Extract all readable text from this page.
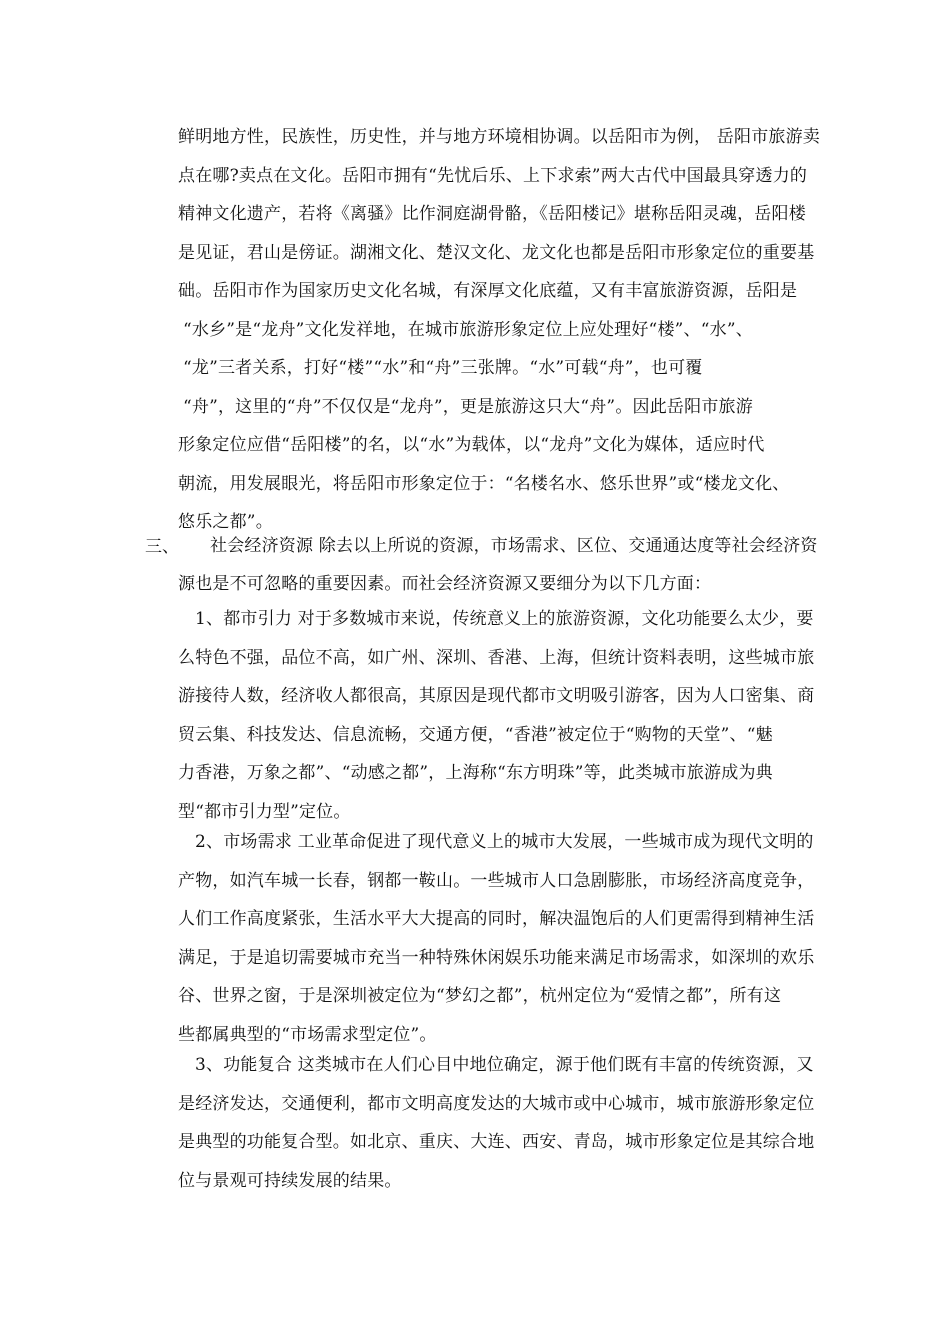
三、
鲜明地方性，民族性，历史性，并与地方环境相协调。以岳阳市为例， 岳阳市旅游卖
点在哪?卖点在文化。岳阳市拥有“先忧后乐、上下求索”两大古代中国最具穿透力的
精神文化遗产，若将《离骚》比作洞庭湖骨骼，《岳阳楼记》堪称岳阳灵魂，岳阳楼
是见证，君山是傍证。湖湘文化、楚汉文化、龙文化也都是岳阳市形象定位的重要基
础。岳阳市作为国家历史文化名城，有深厚文化底蕴，又有丰富旅游资源，岳阳是
“水乡”是“龙舟”文化发祥地，在城市旅游形象定位上应处理好“楼”、“水”、
“龙”三者关系，打好“楼”“水”和“舟”三张牌。“水”可载“舟”，也可覆
“舟”，这里的“舟”不仅仅是“龙舟”，更是旅游这只大“舟”。因此岳阳市旅游
形象定位应借“岳阳楼”的名，以“水”为载体，以“龙舟”文化为媒体，适应时代
朝流，用发展眼光，将岳阳市形象定位于：“名楼名水、悠乐世界”或“楼龙文化、
悠乐之都”。
社会经济资源 除去以上所说的资源，市场需求、区位、交通通达度等社会经济资
源也是不可忽略的重要因素。而社会经济资源又要细分为以下几方面：
1、都市引力 对于多数城市来说，传统意义上的旅游资源，文化功能要么太少，要
么特色不强，品位不高，如广州、深圳、香港、上海，但统计资料表明，这些城市旅
游接待人数，经济收人都很高，其原因是现代都市文明吸引游客，因为人口密集、商
贸云集、科技发达、信息流畅，交通方便，“香港”被定位于“购物的天堂”、“魅
力香港，万象之都”、“动感之都”，上海称“东方明珠”等，此类城市旅游成为典
型“都市引力型”定位。
2、市场需求 工业革命促进了现代意义上的城市大发展，一些城市成为现代文明的
产物，如汽车城一长春，钢都一鞍山。一些城市人口急剧膨胀，市场经济高度竞争，
人们工作高度紧张，生活水平大大提高的同时，解决温饱后的人们更需得到精神生活
满足，于是追切需要城市充当一种特殊休闲娱乐功能来满足市场需求，如深圳的欢乐
谷、世界之窗，于是深圳被定位为“梦幻之都”，杭州定位为“爱情之都”，所有这
些都属典型的“市场需求型定位”。
3、功能复合 这类城市在人们心目中地位确定，源于他们既有丰富的传统资源，又
是经济发达，交通便利，都市文明高度发达的大城市或中心城市，城市旅游形象定位
是典型的功能复合型。如北京、重庆、大连、西安、青岛，城市形象定位是其综合地
位与景观可持续发展的结果。
